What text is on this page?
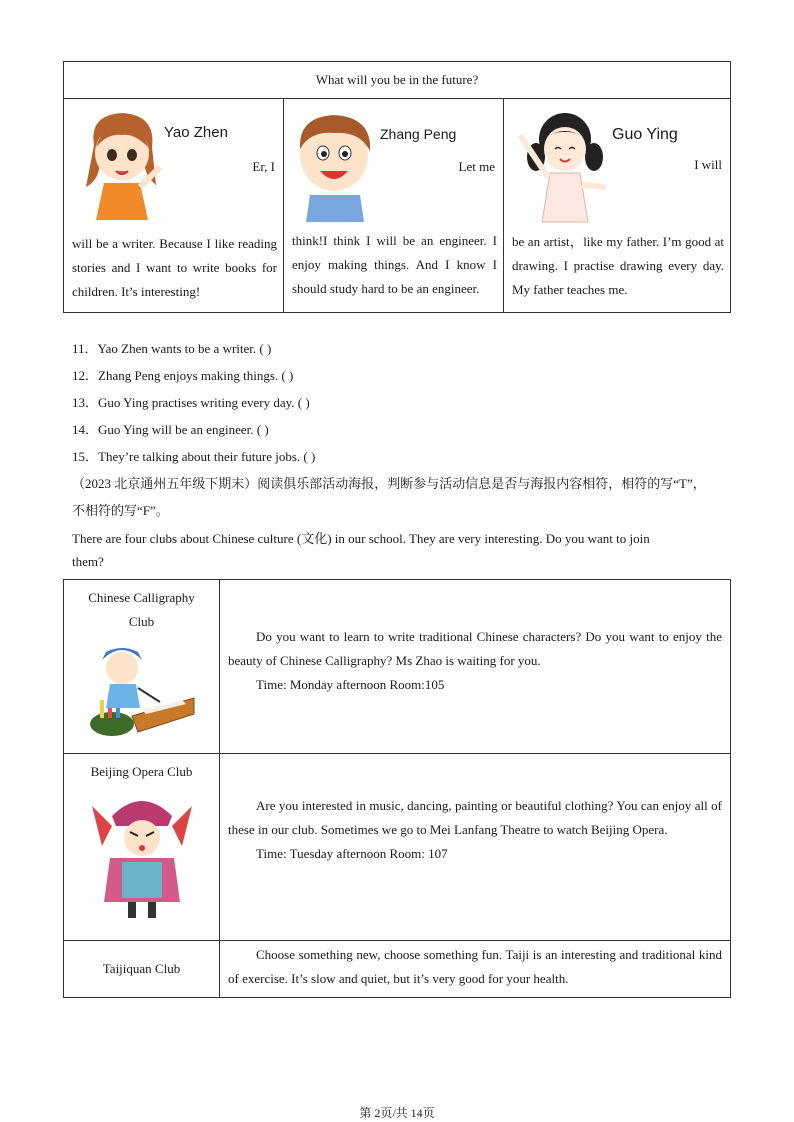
What will you be in the future?

Yao Zhen
Er, I
will be a writer. Because I like reading stories and I want to write books for children. It’s interesting!

Zhang Peng
Let me
think!I think I will be an engineer. I enjoy making things. And I know I should study hard to be an engineer.

Guo Ying
I will
be an artist，like my father. I’m good at drawing. I practise drawing every day. My father teaches me.
11．Yao Zhen wants to be a writer. ( )
12．Zhang Peng enjoys making things. ( )
13．Guo Ying practises writing every day. ( )
14．Guo Ying will be an engineer. ( )
15．They’re talking about their future jobs. ( )
（2023 北京通州五年级下期末）阅读俱乐部活动海报，判断参与活动信息是否与海报内容相符，相符的写“T”，
不相符的写“F”。
There are four clubs about Chinese culture (文化) in our school. They are very interesting. Do you want to join
them?
Chinese Calligraphy Club	Do you want to learn to write traditional Chinese characters? Do you want to enjoy the beauty of Chinese Calligraphy? Ms Zhao is waiting for you.
Time: Monday afternoon Room:105

Beijing Opera Club	Are you interested in music, dancing, painting or beautiful clothing? You can enjoy all of these in our club. Sometimes we go to Mei Lanfang Theatre to watch Beijing Opera.
Time: Tuesday afternoon Room: 107

Taijiquan Club	Choose something new, choose something fun. Taiji is an interesting and traditional kind of exercise. It’s slow and quiet, but it’s very good for your health.
第 2页/共 14页
